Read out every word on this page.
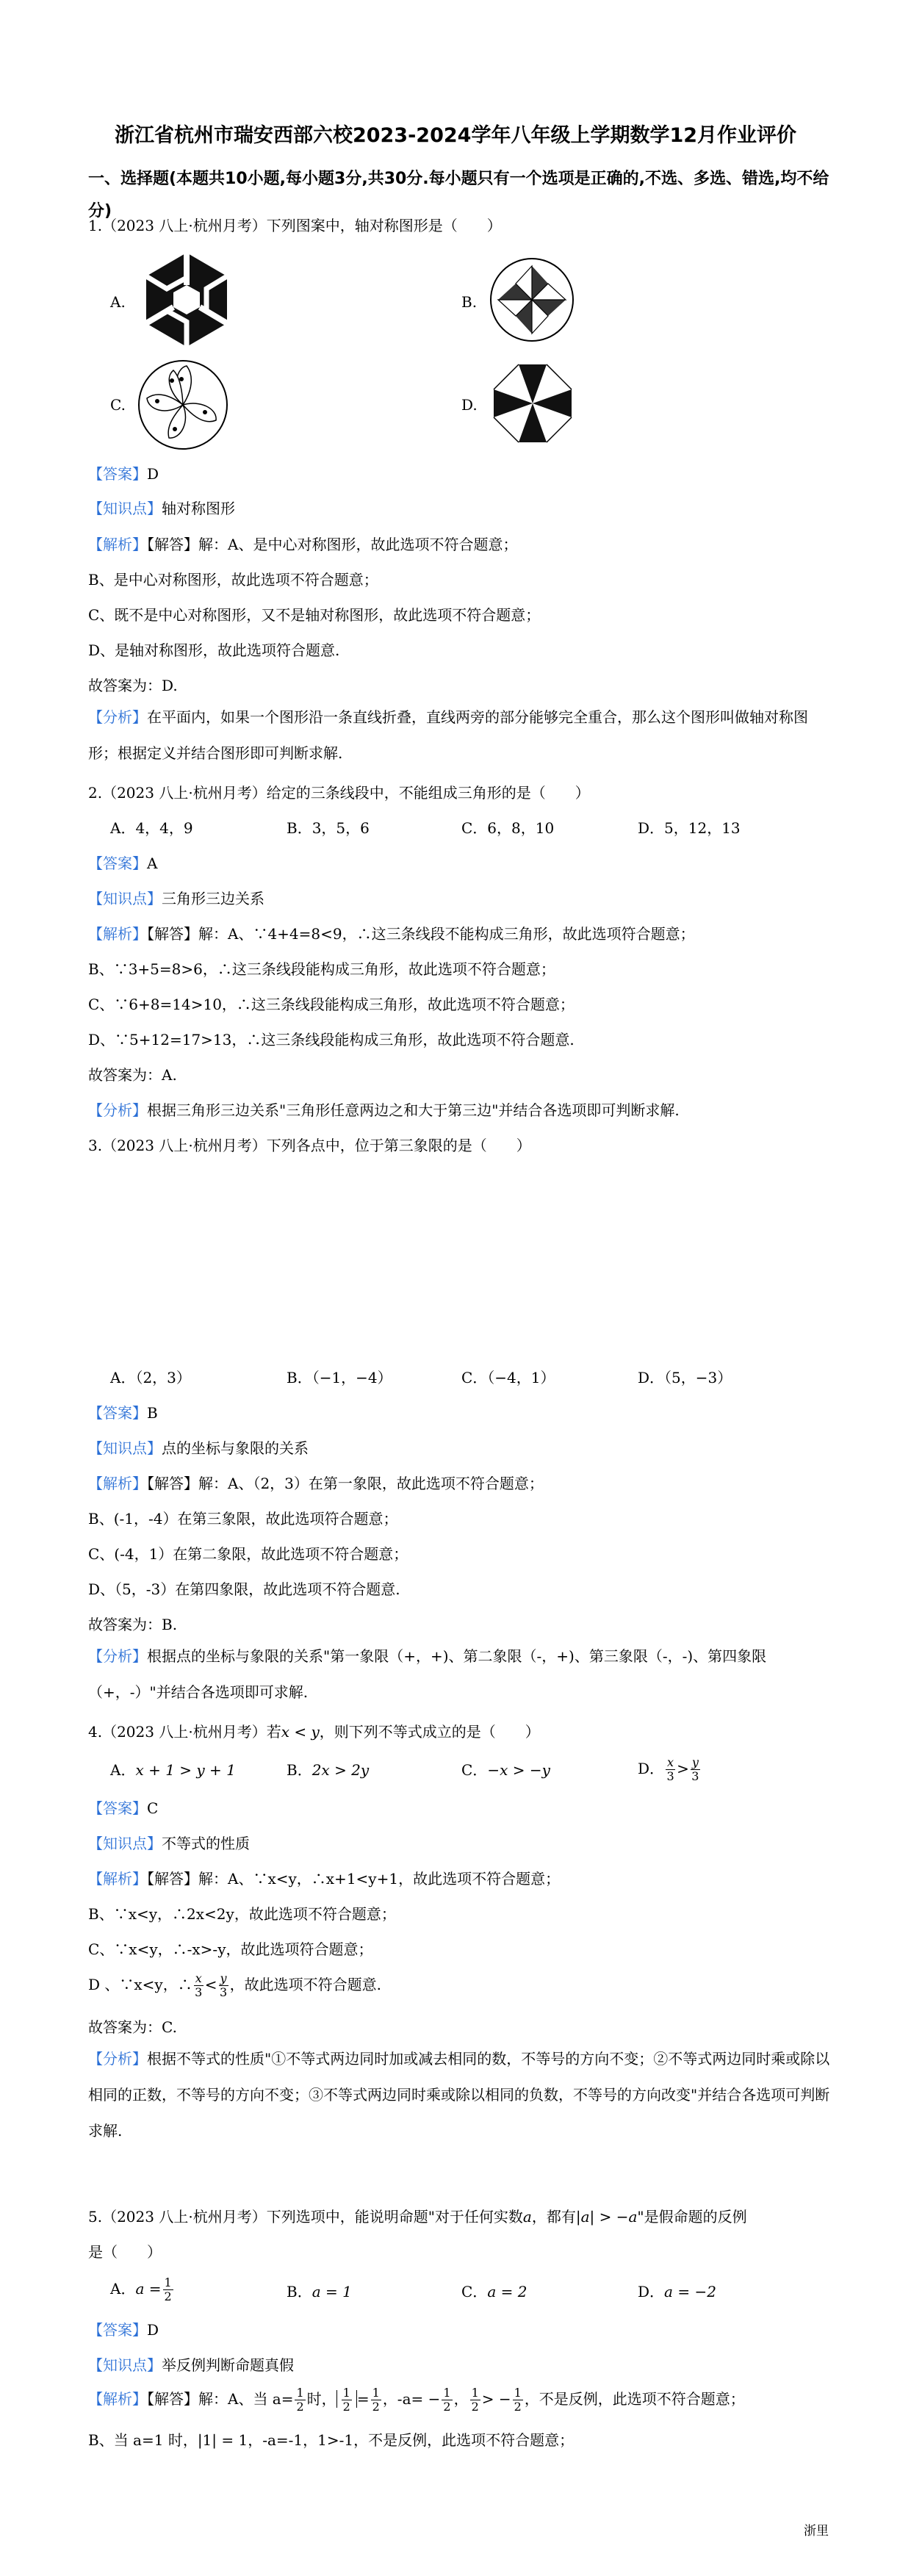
浙江省杭州市瑞安西部六校2023-2024学年八年级上学期数学12月作业评价
一、选择题(本题共10小题,每小题3分,共30分.每小题只有一个选项是正确的,不选、多选、错选,均不给分)
1.（2023 八上·杭州月考）下列图案中，轴对称图形是（　　）
A.	B.
C.	D.
【答案】D
【知识点】轴对称图形
【解析】【解答】解：A、是中心对称图形，故此选项不符合题意；
B、是中心对称图形，故此选项不符合题意；
C、既不是中心对称图形，又不是轴对称图形，故此选项不符合题意；
D、是轴对称图形，故此选项符合题意.
故答案为：D.
【分析】在平面内，如果一个图形沿一条直线折叠，直线两旁的部分能够完全重合，那么这个图形叫做轴对称图形；根据定义并结合图形即可判断求解.
2.（2023 八上·杭州月考）给定的三条线段中，不能组成三角形的是（　　）
A．4，4，9	B．3，5，6	C．6，8，10	D．5，12，13
【答案】A
【知识点】三角形三边关系
【解析】【解答】解：A、∵4+4=8<9，∴这三条线段不能构成三角形，故此选项符合题意；
B、∵3+5=8>6，∴这三条线段能构成三角形，故此选项不符合题意；
C、∵6+8=14>10，∴这三条线段能构成三角形，故此选项不符合题意；
D、∵5+12=17>13，∴这三条线段能构成三角形，故此选项不符合题意.
故答案为：A.
【分析】根据三角形三边关系"三角形任意两边之和大于第三边"并结合各选项即可判断求解.
3.（2023 八上·杭州月考）下列各点中，位于第三象限的是（　　）
A．（2，3）	B．（−1，−4）	C．（−4，1）	D．（5，−3）
【答案】B
【知识点】点的坐标与象限的关系
【解析】【解答】解：A、（2，3）在第一象限，故此选项不符合题意；
B、(-1，-4）在第三象限，故此选项符合题意；
C、(-4，1）在第二象限，故此选项不符合题意；
D、（5，-3）在第四象限，故此选项不符合题意.
故答案为：B.
【分析】根据点的坐标与象限的关系"第一象限（+，+)、第二象限（-，+)、第三象限（-，-)、第四象限（+，-）"并结合各选项即可求解.
4.（2023 八上·杭州月考）若x < y，则下列不等式成立的是（　　）
A．x + 1 > y + 1	B．2x > 2y	C．−x > −y	D． $\frac{x}{3} > \frac{y}{3}$
【答案】C
【知识点】不等式的性质
【解析】【解答】解：A、∵x<y，∴x+1<y+1，故此选项不符合题意；
B、∵x<y，∴2x<2y，故此选项不符合题意；
C、∵x<y，∴-x>-y，故此选项符合题意；
D 、∵x<y，∴ $\frac{x}{3} < \frac{y}{3}$ ，故此选项不符合题意.
故答案为：C.
【分析】根据不等式的性质"①不等式两边同时加或减去相同的数，不等号的方向不变；②不等式两边同时乘或除以相同的正数，不等号的方向不变；③不等式两边同时乘或除以相同的负数，不等号的方向改变"并结合各选项可判断求解.
5.（2023 八上·杭州月考）下列选项中，能说明命题"对于任何实数a，都有|a| > −a"是假命题的反例
是（　　）
A．$a = \frac{1}{2}$	B．a = 1	C．a = 2	D．a = −2
【答案】D
【知识点】举反例判断命题真假
【解析】【解答】解：A、当 $a= \frac{1}{2}$ 时， $\frac{1}{2} = \frac{1}{2}$ ，$-a= - \frac{1}{2}$ ， $\frac{1}{2}$ > − $\frac{1}{2}$ ，不是反例，此选项不符合题意；
B、当 a=1 时，|1| = 1，-a=-1，1>-1，不是反例，此选项不符合题意；
浙里
